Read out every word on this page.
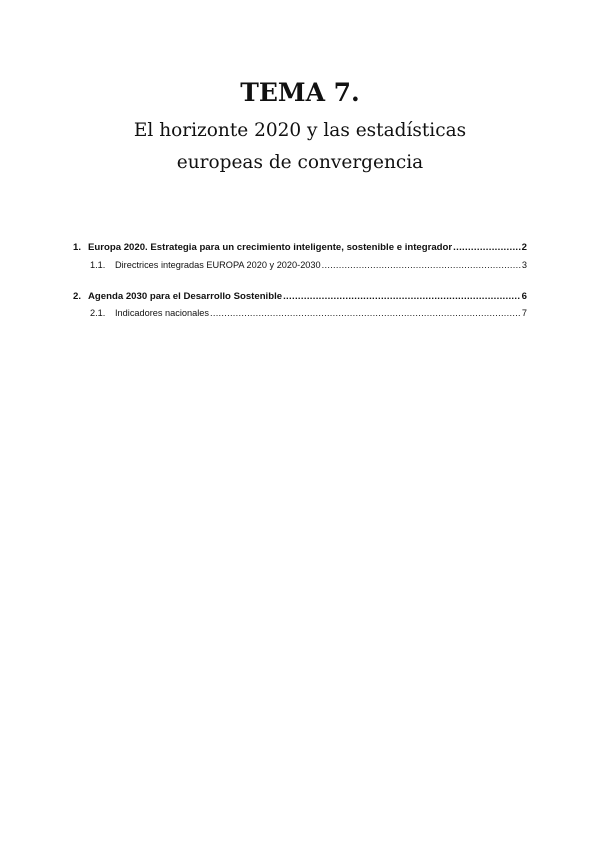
TEMA 7.
El horizonte 2020 y las estadísticas
europeas de convergencia
1. Europa 2020. Estrategia para un crecimiento inteligente, sostenible e integrador .....	2
1.1.	Directrices integradas EUROPA 2020 y 2020-2030 .....	3
2. Agenda 2030 para el Desarrollo Sostenible .....	6
2.1.	Indicadores nacionales .....	7
